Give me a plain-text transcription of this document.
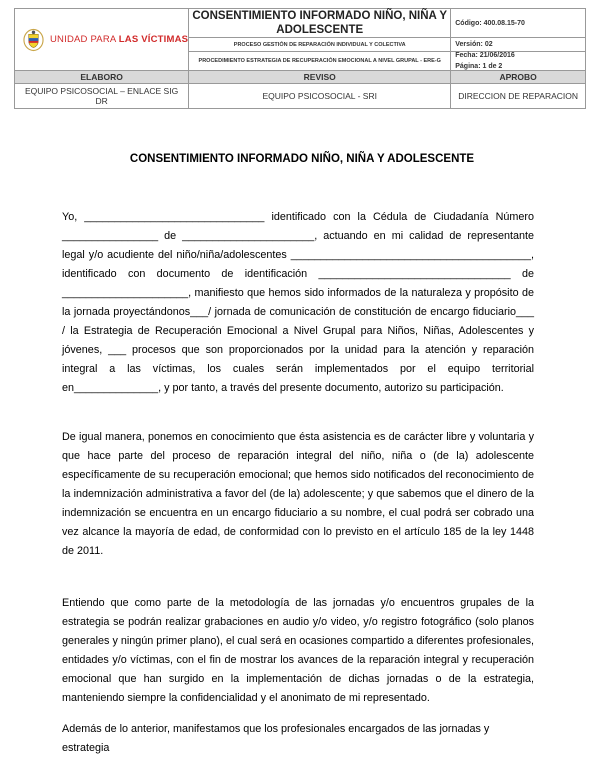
UNIDAD PARA LAS VÍCTIMAS	CONSENTIMIENTO INFORMADO NIÑO, NIÑA Y ADOLESCENTE	Código: 400.08.15-70
	PROCESO GESTIÓN DE REPARACIÓN INDIVIDUAL Y COLECTIVA	Versión: 02
	PROCEDIMIENTO ESTRATEGIA DE RECUPERACIÓN EMOCIONAL A NIVEL GRUPAL - ERE-G	Fecha: 21/06/2016
Página: 1 de 2

ELABORO	REVISO	APROBO
EQUIPO PSICOSOCIAL – ENLACE SIG DR	EQUIPO PSICOSOCIAL - SRI	DIRECCION DE REPARACION
CONSENTIMIENTO INFORMADO NIÑO, NIÑA Y ADOLESCENTE

Yo, ______________________________ identificado con la Cédula de Ciudadanía Número ________________ de ______________________, actuando en mi calidad de representante legal y/o acudiente del niño/niña/adolescentes ________________________________________, identificado con documento de identificación ________________________________ de _____________________, manifiesto que hemos sido informados de la naturaleza y propósito de la jornada proyectándonos___/ jornada de comunicación de constitución de encargo fiduciario___ / la Estrategia de Recuperación Emocional a Nivel Grupal para Niños, Niñas, Adolescentes y jóvenes, ___ procesos que son proporcionados por la unidad para la atención y reparación integral a las víctimas, los cuales serán implementados por el equipo territorial en______________, y por tanto, a través del presente documento, autorizo su participación.

De igual manera, ponemos en conocimiento que ésta asistencia es de carácter libre y voluntaria y que hace parte del proceso de reparación integral del niño, niña o (de la) adolescente específicamente de su recuperación emocional; que hemos sido notificados del reconocimiento de la indemnización administrativa a favor del (de la) adolescente; y que sabemos que el dinero de la indemnización se encuentra en un encargo fiduciario a su nombre, el cual podrá ser cobrado una vez alcance la mayoría de edad, de conformidad con lo previsto en el artículo 185 de la ley 1448 de 2011.

Entiendo que como parte de la metodología de las jornadas y/o encuentros grupales de la estrategia se podrán realizar grabaciones en audio y/o video, y/o registro fotográfico (solo planos generales y ningún primer plano), el cual será en ocasiones compartido a diferentes profesionales, entidades y/o víctimas, con el fin de mostrar los avances de la reparación integral y recuperación emocional que han surgido en la implementación de dichas jornadas o de la estrategia, manteniendo siempre la confidencialidad y el anonimato de mi representado.

Además de lo anterior, manifestamos que los profesionales encargados de las jornadas y estrategia
